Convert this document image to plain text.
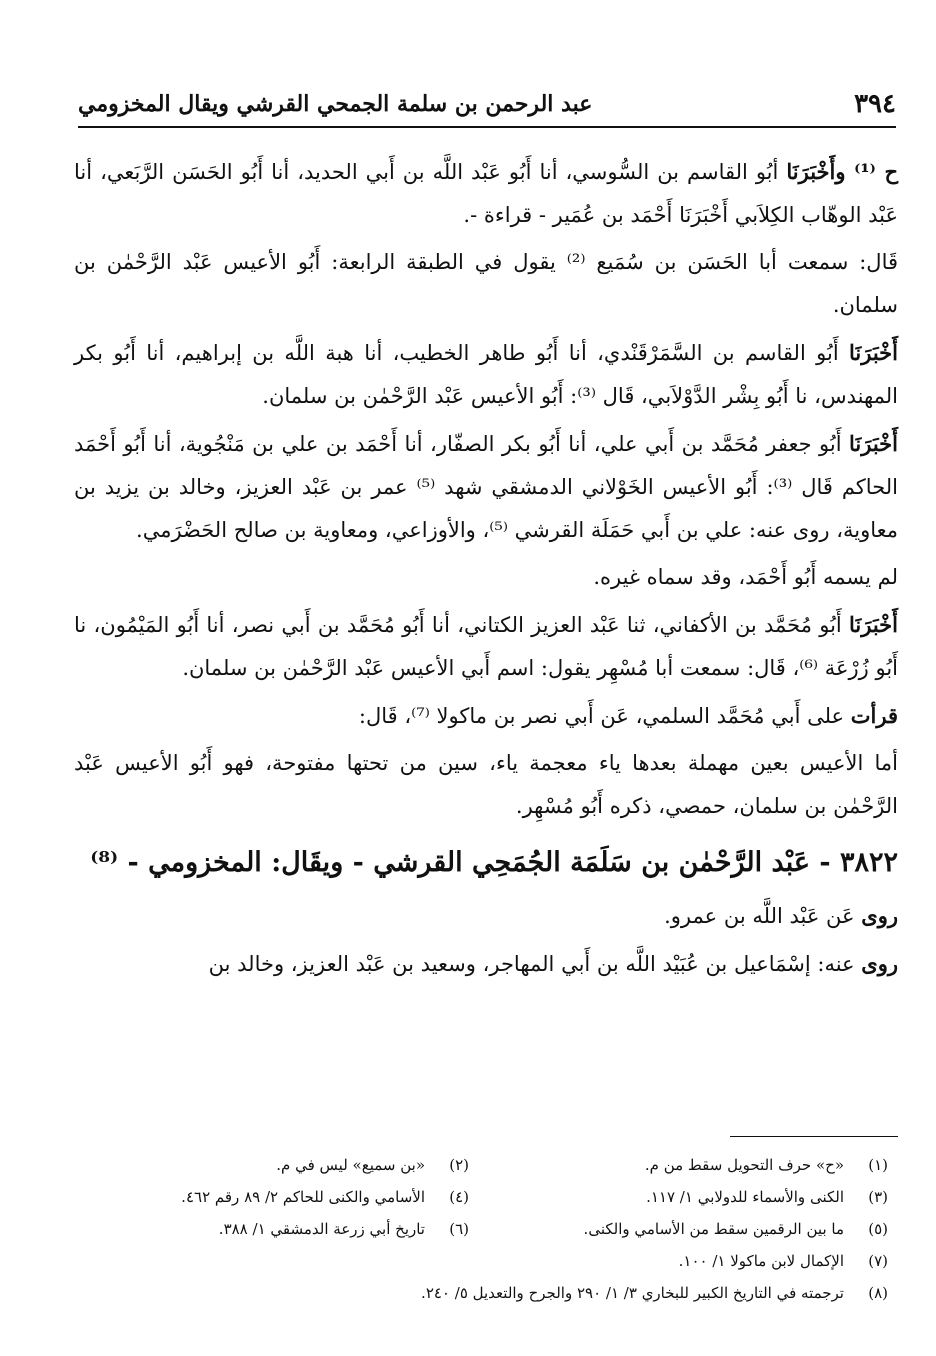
٣٩٤
عبد الرحمن بن سلمة الجمحي القرشي ويقال المخزومي

ح ⁽¹⁾ وأَخْبَرَنَا أبُو القاسم بن السُّوسي، أنا أَبُو عَبْد اللَّه بن أَبي الحديد، أنا أَبُو الحَسَن الرَّبَعي، أنا عَبْد الوهّاب الكِلاَبي أَخْبَرَنَا أَحْمَد بن عُمَير - قراءة -.

قَال: سمعت أبا الحَسَن بن سُمَيع ⁽²⁾ يقول في الطبقة الرابعة: أَبُو الأعيس عَبْد الرَّحْمٰن بن سلمان.

أَخْبَرَنَا أَبُو القاسم بن السَّمَرْقَنْدي، أنا أَبُو طاهر الخطيب، أنا هبة اللَّه بن إبراهيم، أنا أَبُو بكر المهندس، نا أَبُو بِشْر الدَّوْلاَبي، قَال ⁽³⁾: أَبُو الأعيس عَبْد الرَّحْمٰن بن سلمان.

أَخْبَرَنَا أَبُو جعفر مُحَمَّد بن أَبي علي، أنا أَبُو بكر الصفّار، أنا أَحْمَد بن علي بن مَنْجُوية، أنا أَبُو أَحْمَد الحاكم قَال ⁽³⁾: أَبُو الأعيس الخَوْلاني الدمشقي شهد ⁽⁵⁾ عمر بن عَبْد العزيز، وخالد بن يزيد بن معاوية، روى عنه: علي بن أَبي حَمَلَة القرشي ⁽⁵⁾، والأوزاعي، ومعاوية بن صالح الحَضْرَمي.

لم يسمه أَبُو أَحْمَد، وقد سماه غيره.

أَخْبَرَنَا أَبُو مُحَمَّد بن الأكفاني، ثنا عَبْد العزيز الكتاني، أنا أَبُو مُحَمَّد بن أَبي نصر، أنا أَبُو المَيْمُون، نا أَبُو زُرْعَة ⁽⁶⁾، قَال: سمعت أبا مُسْهِر يقول: اسم أَبي الأعيس عَبْد الرَّحْمٰن بن سلمان.

قرأت على أَبي مُحَمَّد السلمي، عَن أَبي نصر بن ماكولا ⁽⁷⁾، قَال:

أما الأعيس بعين مهملة بعدها ياء معجمة ياء، سين من تحتها مفتوحة، فهو أَبُو الأعيس عَبْد الرَّحْمٰن بن سلمان، حمصي، ذكره أَبُو مُسْهِر.

٣٨٢٢ - عَبْد الرَّحْمٰن بن سَلَمَة الجُمَحِي القرشي - ويقَال: المخزومي - ⁽⁸⁾

روى عَن عَبْد اللَّه بن عمرو.

روى عنه: إسْمَاعيل بن عُبَيْد اللَّه بن أَبي المهاجر، وسعيد بن عَبْد العزيز، وخالد بن

(١)
«ح» حرف التحويل سقط من م.
(٢)
«بن سميع» ليس في م.
(٣)
الكنى والأسماء للدولابي ١/ ١١٧.
(٤)
الأسامي والكنى للحاكم ٢/ ٨٩ رقم ٤٦٢.
(٥)
ما بين الرقمين سقط من الأسامي والكنى.
(٦)
تاريخ أبي زرعة الدمشقي ١/ ٣٨٨.
(٧)
الإكمال لابن ماكولا ١/ ١٠٠.
(٨)
ترجمته في التاريخ الكبير للبخاري ٣/ ١/ ٢٩٠ والجرح والتعديل ٥/ ٢٤٠.
